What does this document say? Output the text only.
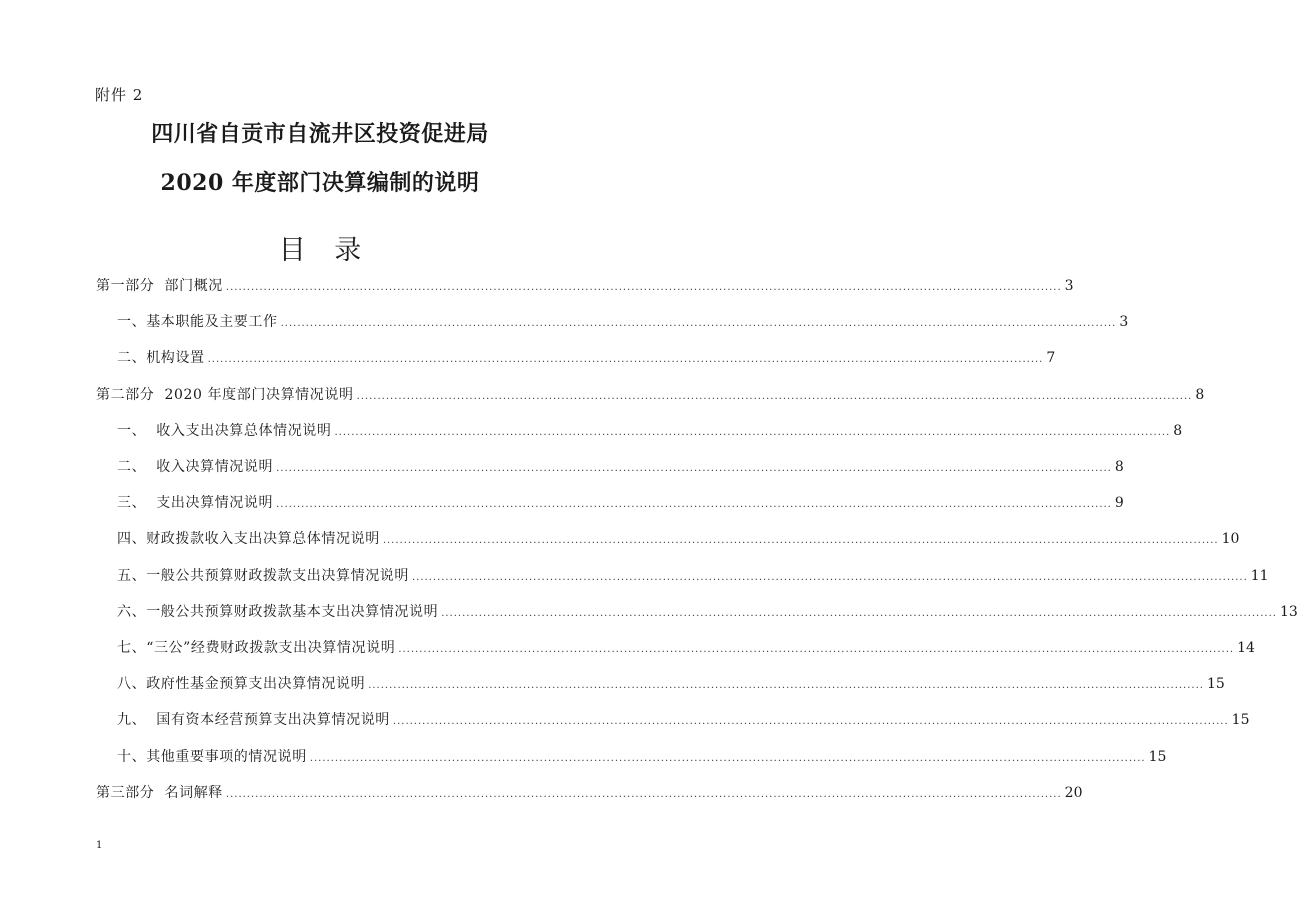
附件 2
四川省自贡市自流井区投资促进局
2020 年度部门决算编制的说明
目 录
第一部分  部门概况 ........................................................................................................................................................................................................ 3
一、基本职能及主要工作 ........................................................................................................................................................................................................ 3
二、机构设置 ........................................................................................................................................................................................................ 7
第二部分  2020 年度部门决算情况说明 ........................................................................................................................................................................................................ 8
一、  收入支出决算总体情况说明 ........................................................................................................................................................................................................ 8
二、  收入决算情况说明 ........................................................................................................................................................................................................ 8
三、  支出决算情况说明 ........................................................................................................................................................................................................ 9
四、财政拨款收入支出决算总体情况说明 ........................................................................................................................................................................................................ 10
五、一般公共预算财政拨款支出决算情况说明 ........................................................................................................................................................................................................ 11
六、一般公共预算财政拨款基本支出决算情况说明 ........................................................................................................................................................................................................ 13
七、“三公”经费财政拨款支出决算情况说明 ........................................................................................................................................................................................................ 14
八、政府性基金预算支出决算情况说明 ........................................................................................................................................................................................................ 15
九、  国有资本经营预算支出决算情况说明 ........................................................................................................................................................................................................ 15
十、其他重要事项的情况说明 ........................................................................................................................................................................................................ 15
第三部分  名词解释 ........................................................................................................................................................................................................ 20
1
